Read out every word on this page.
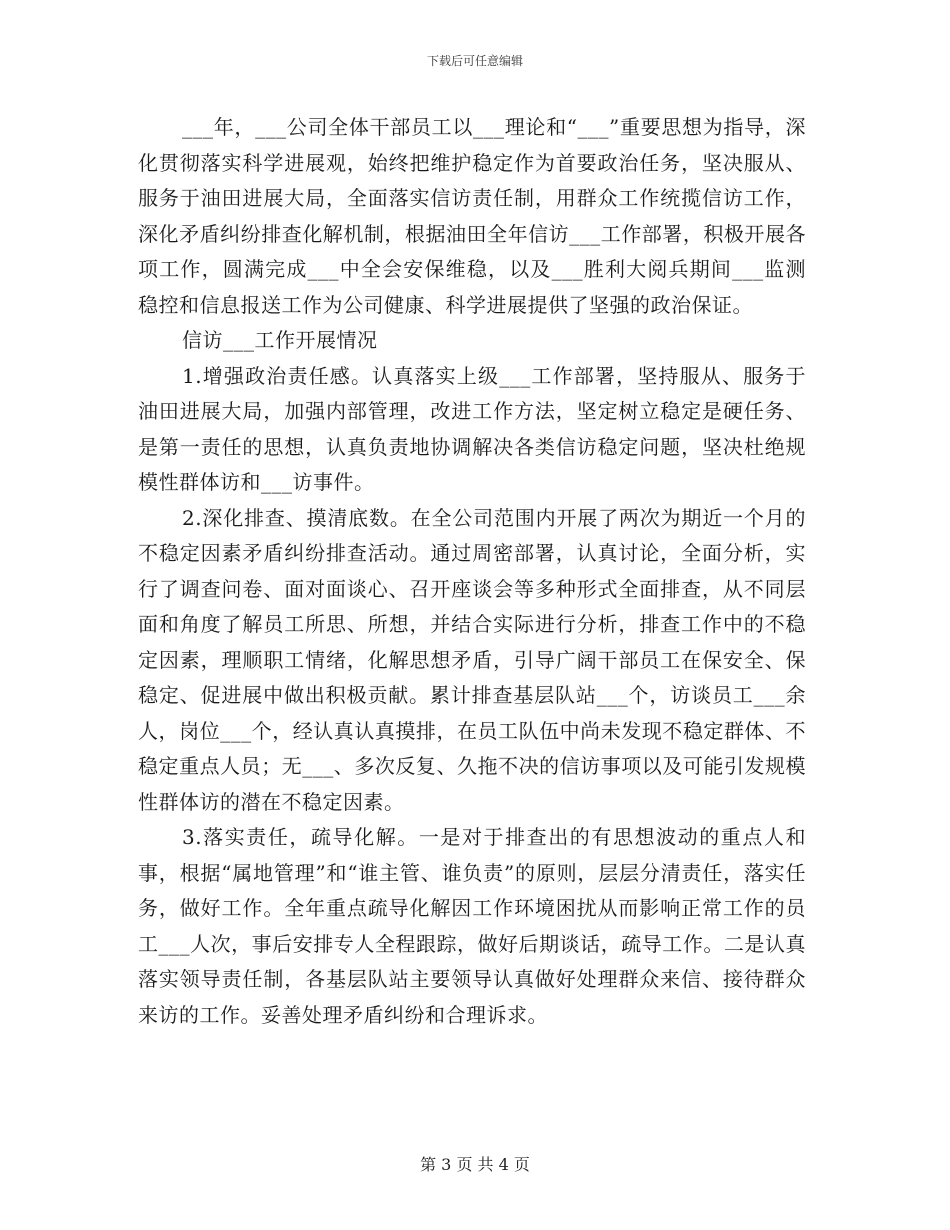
下载后可任意编辑

___年，___公司全体干部员工以___理论和“___”重要思想为指导，深化贯彻落实科学进展观，始终把维护稳定作为首要政治任务，坚决服从、服务于油田进展大局，全面落实信访责任制，用群众工作统揽信访工作，深化矛盾纠纷排查化解机制，根据油田全年信访___工作部署，积极开展各项工作，圆满完成___中全会安保维稳，以及___胜利大阅兵期间___监测稳控和信息报送工作为公司健康、科学进展提供了坚强的政治保证。

信访___工作开展情况

1.增强政治责任感。认真落实上级___工作部署，坚持服从、服务于油田进展大局，加强内部管理，改进工作方法，坚定树立稳定是硬任务、是第一责任的思想，认真负责地协调解决各类信访稳定问题，坚决杜绝规模性群体访和___访事件。

2.深化排查、摸清底数。在全公司范围内开展了两次为期近一个月的不稳定因素矛盾纠纷排查活动。通过周密部署，认真讨论，全面分析，实行了调查问卷、面对面谈心、召开座谈会等多种形式全面排查，从不同层面和角度了解员工所思、所想，并结合实际进行分析，排查工作中的不稳定因素，理顺职工情绪，化解思想矛盾，引导广阔干部员工在保安全、保稳定、促进展中做出积极贡献。累计排查基层队站___个，访谈员工___余人，岗位___个，经认真认真摸排，在员工队伍中尚未发现不稳定群体、不稳定重点人员；无___、多次反复、久拖不决的信访事项以及可能引发规模性群体访的潜在不稳定因素。

3.落实责任，疏导化解。一是对于排查出的有思想波动的重点人和事，根据“属地管理”和“谁主管、谁负责”的原则，层层分清责任，落实任务，做好工作。全年重点疏导化解因工作环境困扰从而影响正常工作的员工___人次，事后安排专人全程跟踪，做好后期谈话，疏导工作。二是认真落实领导责任制，各基层队站主要领导认真做好处理群众来信、接待群众来访的工作。妥善处理矛盾纠纷和合理诉求。

第 3 页 共 4 页
